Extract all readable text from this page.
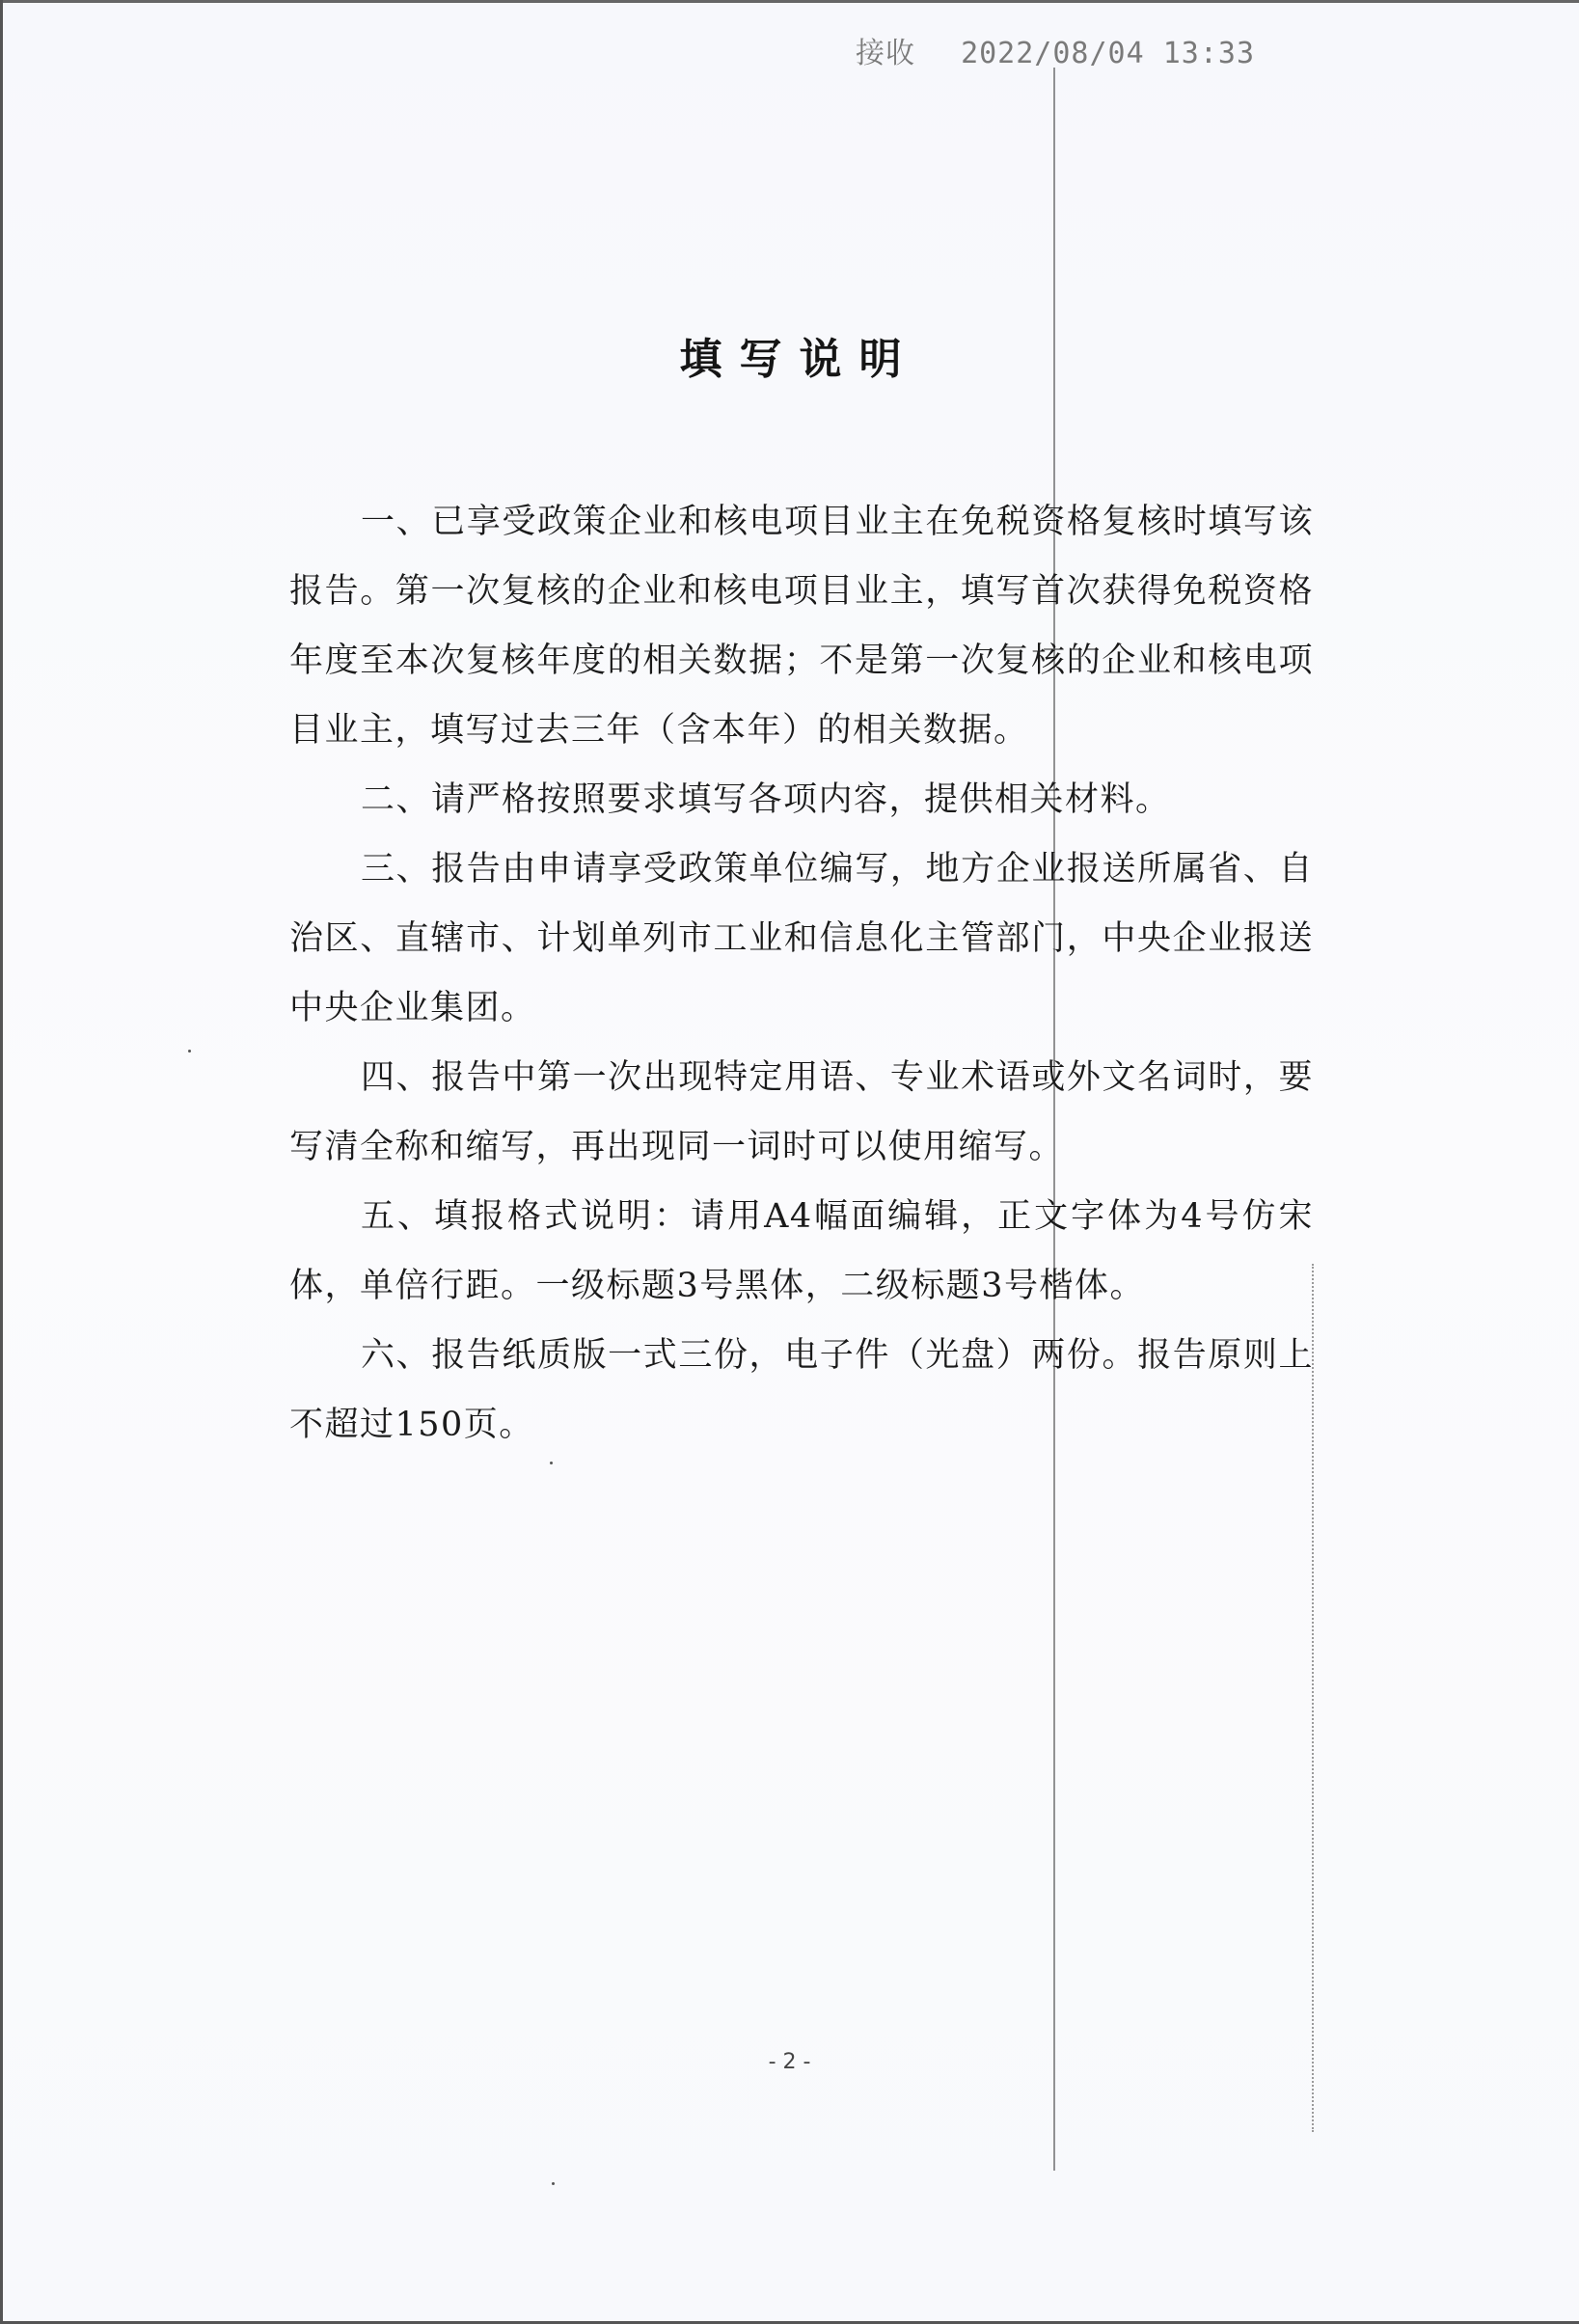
接收 2022/08/04 13:33
填写说明

一、已享受政策企业和核电项目业主在免税资格复核时填写该报告。第一次复核的企业和核电项目业主，填写首次获得免税资格年度至本次复核年度的相关数据；不是第一次复核的企业和核电项目业主，填写过去三年（含本年）的相关数据。

二、请严格按照要求填写各项内容，提供相关材料。

三、报告由申请享受政策单位编写，地方企业报送所属省、自治区、直辖市、计划单列市工业和信息化主管部门，中央企业报送中央企业集团。

四、报告中第一次出现特定用语、专业术语或外文名词时，要写清全称和缩写，再出现同一词时可以使用缩写。

五、填报格式说明：请用A4幅面编辑，正文字体为4号仿宋体，单倍行距。一级标题3号黑体，二级标题3号楷体。

六、报告纸质版一式三份，电子件（光盘）两份。报告原则上不超过150页。

- 2 -
